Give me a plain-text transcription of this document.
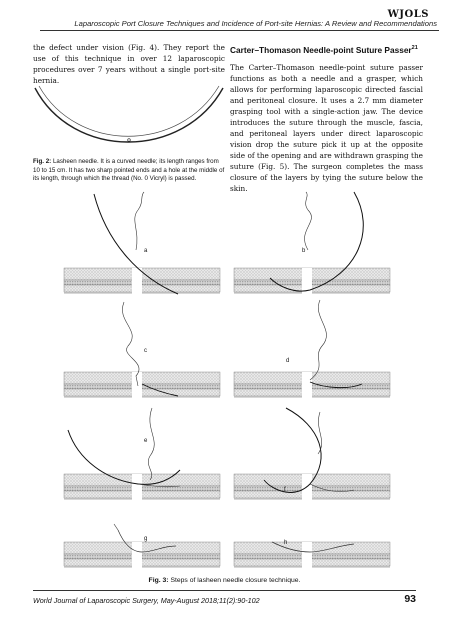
WJOLS
Laparoscopic Port Closure Techniques and Incidence of Port-site Hernias: A Review and Recommendations

the defect under vision (Fig. 4). They report the use of this technique in over 12 laparoscopic procedures over 7 years without a single port-site hernia.

Fig. 2: Lasheen needle. It is a curved needle; its length ranges from 10 to 15 cm. It has two sharp pointed ends and a hole at the middle of its length, through which the thread (No. 0 Vicryl) is passed.
Carter–Thomason Needle-point Suture Passer$^{21}$

The Carter–Thomason needle-point suture passer functions as both a needle and a grasper, which allows for performing laparoscopic directed fascial and peritoneal closure. It uses a 2.7 mm diameter grasping tool with a single-action jaw. The device introduces the suture through the muscle, fascia, and peritoneal layers under direct laparoscopic vision drop the suture pick it up at the opposite side of the opening and are withdrawn grasping the suture (Fig. 5). The surgeon completes the mass closure of the layers by tying the suture below the skin.

a	b
c
d
e
f
g
h
Fig. 3: Steps of lasheen needle closure technique.
World Journal of Laparoscopic Surgery, May-August 2018;11(2):90-102	93
